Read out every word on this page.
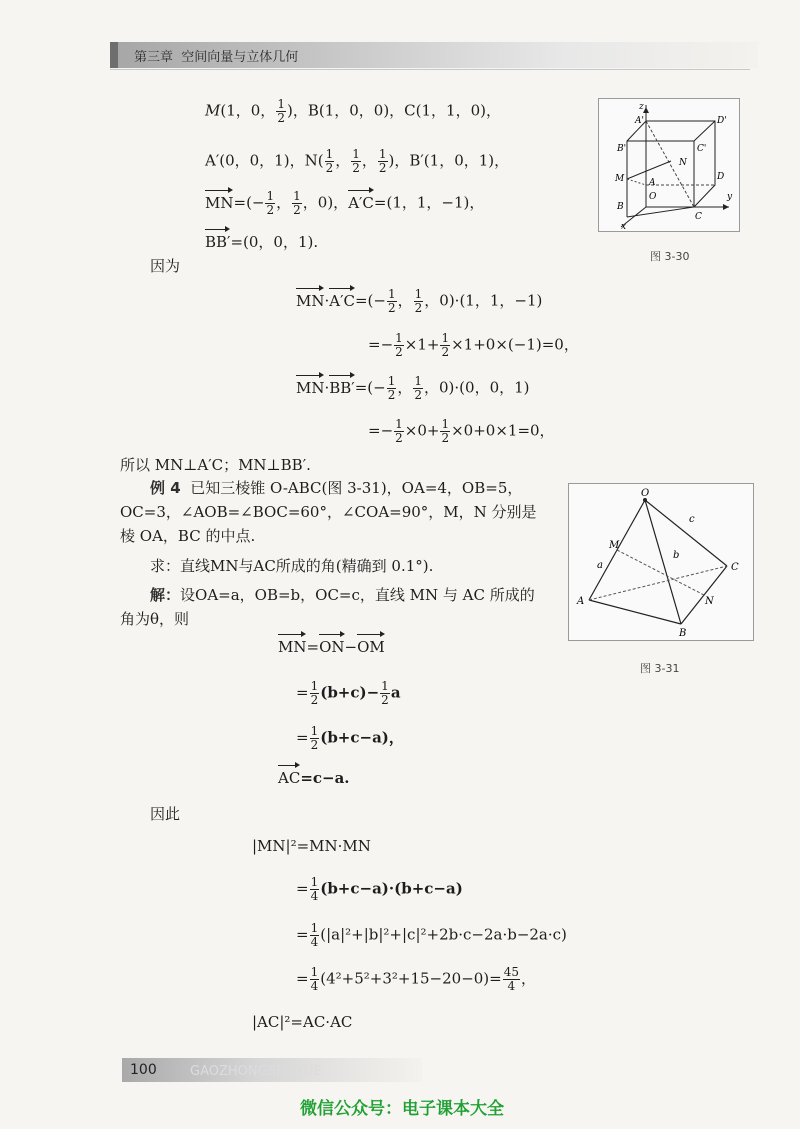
第三章 空间向量与立体几何
M(1，0， $\frac{1}{2}$ )，B(1，0，0)，C(1，1，0)，
A′(0，0，1)，$N( \frac{1}{2}$ ， $\frac{1}{2}$ ， $\frac{1}{2}$ )，B′(1，0，1)，
$MN=(- \frac{1}{2}$ ， $\frac{1}{2}$ ，0)，A′C=(1，1，−1)，
BB′=(0，0，1).
z
A'	D'
B'	C'
N
M	A
D
O	y
B
C
x
图 3-30
因为
$MN\cdot A'C=(- \frac{1}{2}$ ， $\frac{1}{2}$ ，0)·(1，1，−1)
=− $\frac{1}{2} \times 1+ \frac{1}{2} \times 1+0\times(-1)=0$，
$MN\cdot BB'=(- \frac{1}{2}$ ， $\frac{1}{2}$ ，0)·(0，0，1)
=− $\frac{1}{2} \times 0+ \frac{1}{2} \times 0+0\times 1=0$，
所以 MN⊥A′C；MN⊥BB′.
例 4 已知三棱锥 O-ABC(图 3-31)，OA=4，OB=5，
OC=3，∠AOB=∠BOC=60°，∠COA=90°，M，N 分别是
棱 OA，BC 的中点.
求：直线MN与AC所成的角(精确到 0.1°).
解：设OA=a，OB=b，OC=c，直线 MN 与 AC 所成的
角为θ，则
O
c
M
a
b
C
A	N
B
图 3-31
MN=ON−OM
= $\frac{1}{2} (b+c)- \frac{1}{2}$ a
= $\frac{1}{2} (b+c-a)$，
AC=c−a.
因此
|MN|²=MN·MN
= $\frac{1}{4} (b+c-a)\cdot(b+c-a)$
= $\frac{1}{4} (|a|^2+|b|^2+|c|^2+2b\cdot c-2a\cdot b-2a\cdot c)$
= $\frac{1}{4} (4^2+5^2+3^2+15-20-0)= \frac{45}{4}$ ，
|AC|²=AC·AC
100	GAOZHONGSHUXUE
微信公众号：电子课本大全
